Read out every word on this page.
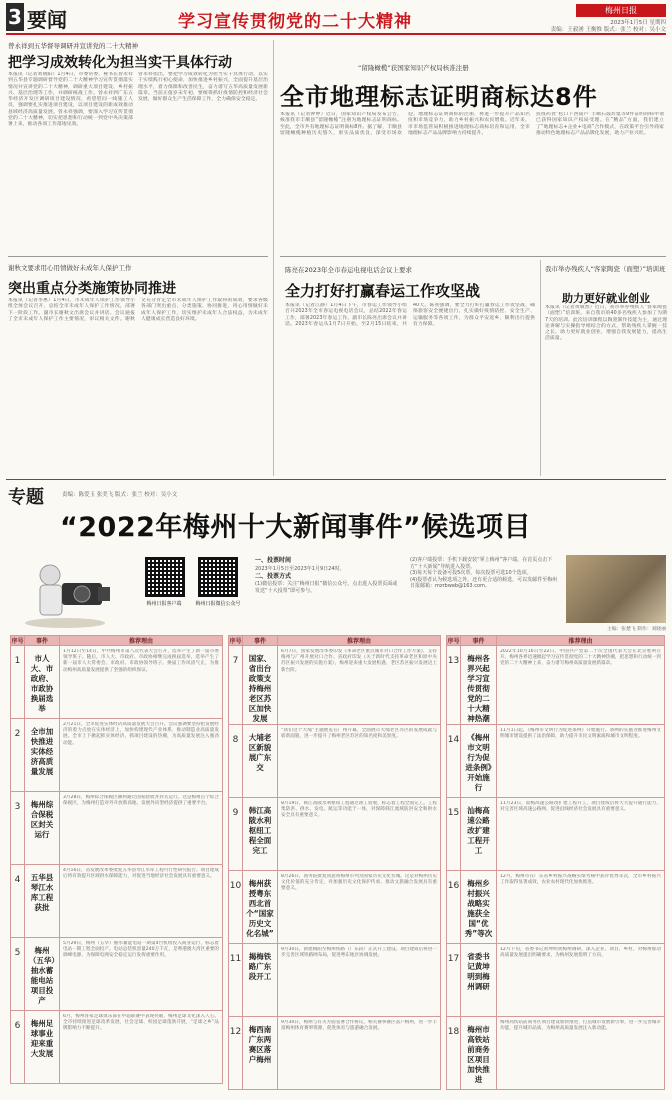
3 要闻	学习宣传贯彻党的二十大精神
梅州日报
2023年1月5日 星期四
责编：王毅湧 王衡惟 版式：张兰 校对：吴小文
曾永祥到五华督导调研并宣讲党的二十大精神
把学习成效转化为担当实干具体行动
本报讯（记者刘晓阳）1月4日，市委常委、秘书长曾永祥到五华县专题调研督导党的二十大精神学习宣传贯彻落实情况并宣讲党的二十大精神，调研重大项目建设、乡村振兴、基层治理等工作，并调研统战工作。曾永祥到广东五华经济开发区调研项目建设情况，看望慰问一线施工人员，强调要扎实推进项目建设，以项目建设的新成效推动县域经济高质量发展。曾永祥强调，要深入学习宣传贯彻党的二十大精神，切实把思想和行动统一到党中央决策部署上来，推动各项工作落地见效。
曾永祥指出，要把学习成效转化为担当实干具体行动，以实干实绩践行初心使命，加快推进乡村振兴，全面提升基层治理水平，着力保障和改善民生，奋力谱写五华高质量发展新篇章。当前正值岁末年初，要统筹抓好疫情防控和经济社会发展，做好群众生产生活保障工作，全力确保安全稳定。
谢秋文要求用心用情做好未成年人保护工作
突出重点分类施策协同推进
本报讯（记者李惠）1月4日，市未成年人保护工作领导小组全体会议召开，总结全市未成年人保护工作情况，部署下一阶段工作。副市长谢秋文出席会议并讲话。会议通报了全市未成年人保护工作主要情况，审议相关文件。谢秋文充分肯定全市未成年人保护工作取得的成效，要求各级各部门突出重点、分类施策、协同推进，用心用情做好未成年人保护工作，切实维护未成年人合法权益，为未成年人健康成长营造良好环境。
“留隆橄榄”获国家知识产权局核准注册
全市地理标志证明商标达8件
本报讯（记者钟婷）近日，国家知识产权局发布公告，核准我市丰顺县“留隆橄榄”注册为地理标志证明商标。至此，全市共有地理标志证明商标8件。据了解，丰顺县留隆橄榄种植历史悠久，果实品质优良，深受市场欢迎。地理标志证明商标的注册，将进一步提升产品知名度和市场竞争力，助力乡村振兴和农民增收。近年来，市市场监管局积极推进地理标志商标培育和运用，全市地理标志产品品牌影响力持续提升。
抗疫药食“松口下西葫芦”丰顺石鼓炸粟等9件证明商标申请已获得国家知识产权局受理。在“精品”方面，我们建立了“地理标志+企业+电商”合作模式，在政策平台引导商家推动特色地理标志产品品牌化发展，助力产业兴旺。
陈亮在2023年全市春运电视电话会议上要求
全力打好打赢春运工作攻坚战
本报讯（记者江静）1月4日下午，市春运工作领导小组召开2023年全市春运电视电话会议，总结2022年春运工作，部署2023年春运工作。副市长陈亮出席会议并讲话。2023年春运从1月7日开始，至2月15日结束，共40天。陈亮强调，要全力打好打赢春运工作攻坚战，确保旅客安全便捷出行，扎实做好疫情防控、安全生产、运输服务等各项工作，为群众平安返乡、顺利出行提供有力保障。
我市举办残疾人“客家陶瓷（面塑）”培训班
助力更好就业创业
本报讯（记者黄敏然）近日，我市举办残疾人“客家陶瓷（面塑）”培训班，来自我市的40多名残疾人参加了为期7天的培训。此次培训课程以陶瓷制作技能为主，通过理论讲解与实操指导相结合的方式，帮助残疾人掌握一技之长，助力更好就业创业，增强自我发展能力，提高生活质量。
专题	责编：陈爱玉 张美飞 版式：张兰 校对：吴小文
“2022年梅州十大新闻事件”候选项目
梅州日报客户端	梅州日报微信公众号
一、投票时间
2023年1月5日至2023年1月9日24时。
二、投票方式
(1)微信投票：关注“梅州日报”微信公众号，点击进入投票页面或发送“十大投票”即可参与。
(2)客户端投票：手机下载安装“掌上梅州”客户端，在首页点击下方“十大新闻”导航进入投票。
(3)每天每个设备可投5次票，每次投票可选10个选项。
(4)投票者认为候选项之外，还有更合适的候选，可以发邮件至梅州日报邮箱：mzrbweb@163.com。
主编：张楚飞 制作：刘晓丽
序号	事件	推荐理由
1	市人大、市政府、市政协换届选举	1月12日至14日，中共梅州市第八次代表大会召开，选举产生了新一届市委领导班子。随后，市人大、市政府、市政协相继完成换届选举，选举产生了新一届市人大常委会、市政府、市政协领导班子。换届工作风清气正，为推动梅州高质量发展提供了坚强的组织保证。

2	全市加快推进实体经济高质量发展	2月21日，全市促进实体经济高质量发展大会召开。会议强调要坚持把发展经济的着力点放在实体经济上，加快构建现代产业体系，推动制造业高质量发展。全市上下掀起抓实体经济、抓项目建设的热潮，为高质量发展注入强劲动能。

3	梅州综合保税区封关运行	3月28日，梅州综合保税区顺利通过国家验收并封关运行。这是梅州首个综合保税区，为梅州打造对外开放新高地、发展外向型经济提供了重要平台。

4	五华县琴江水库工程获批	4月16日，省发展改革委批复五华县琴江水库工程可行性研究报告。项目建成后将有效提升区域供水保障能力，对促进当地经济社会发展具有重要意义。

5	梅州（五华）抽水蓄能电站项目投产	5月29日，梅州（五华）抽水蓄能电站一期第4台机组投入商业运行，标志着电站一期工程全面投产。电站总装机容量240万千瓦，是粤港澳大湾区重要的调峰电源，为保障电网安全稳定运行发挥重要作用。

6	梅州足球事业迎来重大发展	6月，梅州客家足球俱乐部在中超联赛中表现亮眼，梅州足球文化深入人心。全市持续推进足球改革发展，社会足球、校园足球蓬勃开展，“足球之乡”品牌影响力不断提升。
序号	事件	推荐理由
7	国家、省出台政策支持梅州老区苏区加快发展	6月7日，国家发展改革委印发《革命老区重点城市对口合作工作方案》，支持梅州与广州开展对口合作。省政府印发《关于新时代支持革命老区和原中央苏区振兴发展的实施方案》，梅州迎来重大发展机遇，老区苏区振兴发展迈上新台阶。

8	大埔老区新貌展广东交	“我们这个大埔”主题展览在广州开幕，全面展示大埔老区苏区的发展成就与崭新面貌，进一步提升了梅州老区苏区的知名度和美誉度。

9	韩江高陂水利枢纽工程全面完工	8月19日，韩江高陂水利枢纽工程通过竣工验收，标志着工程全面完工。工程集防洪、供水、发电、航运等功能于一体，对保障韩江流域防洪安全和供水安全具有重要意义。

10	梅州获授粤东西北首个“国家历史文化名城”	8月26日，国务院批复同意将梅州市列为国家历史文化名城。这是对梅州历史文化价值的充分肯定，对加强历史文化保护传承、推动文旅融合发展具有重要意义。

11	揭梅铁路广东段开工	9月30日，新建揭阳至梅州铁路（广东段）正式开工建设。项目建成后将进一步完善区域铁路网布局，促进粤东地区协调发展。

12	梅西南广东两赛区落户梅州	9月30日，梅州与有关方面签署合作协议，相关赛事赛区落户梅州，进一步丰富梅州体育赛事资源，促进体育与旅游融合发展。
序号	事件	推荐理由
13	梅州各界兴起学习宣传贯彻党的二十大精神热潮	2022年10月16日至22日，中国共产党第二十次全国代表大会在北京胜利召开。梅州各界迅速掀起学习宣传贯彻党的二十大精神热潮，把思想和行动统一到党的二十大精神上来，奋力谱写梅州高质量发展新篇章。

14	《梅州市文明行为促进条例》开始施行	11月1日起，《梅州市文明行为促进条例》开始施行。条例的实施为推进梅州文明城市建设提供了法治保障，助力提升市民文明素质和城市文明程度。

15	汕梅高速公路改扩建工程开工	11月23日，汕梅高速公路改扩建工程开工。项目建成后将大大提升通行能力，对完善区域高速公路网、促进沿线经济社会发展具有重要意义。

16	梅州乡村振兴战略实施获全国“优秀”等次	12月，梅州市在广东省乡村振兴战略实绩考核中获评优秀等次，全市乡村振兴工作取得显著成效，农业农村现代化加快推进。

17	省委书记黄坤明到梅州调研	12月下旬，省委书记黄坤明到梅州调研，深入企业、项目、乡村，对梅州推动高质量发展提出明确要求，为梅州发展指明了方向。

18	梅州市高铁站前商务区项目加快推进	梅州高铁站前商务区项目建设加快推进，打造城市发展新引擎，进一步完善城市功能，提升城市品质，为梅州高质量发展注入新动能。
